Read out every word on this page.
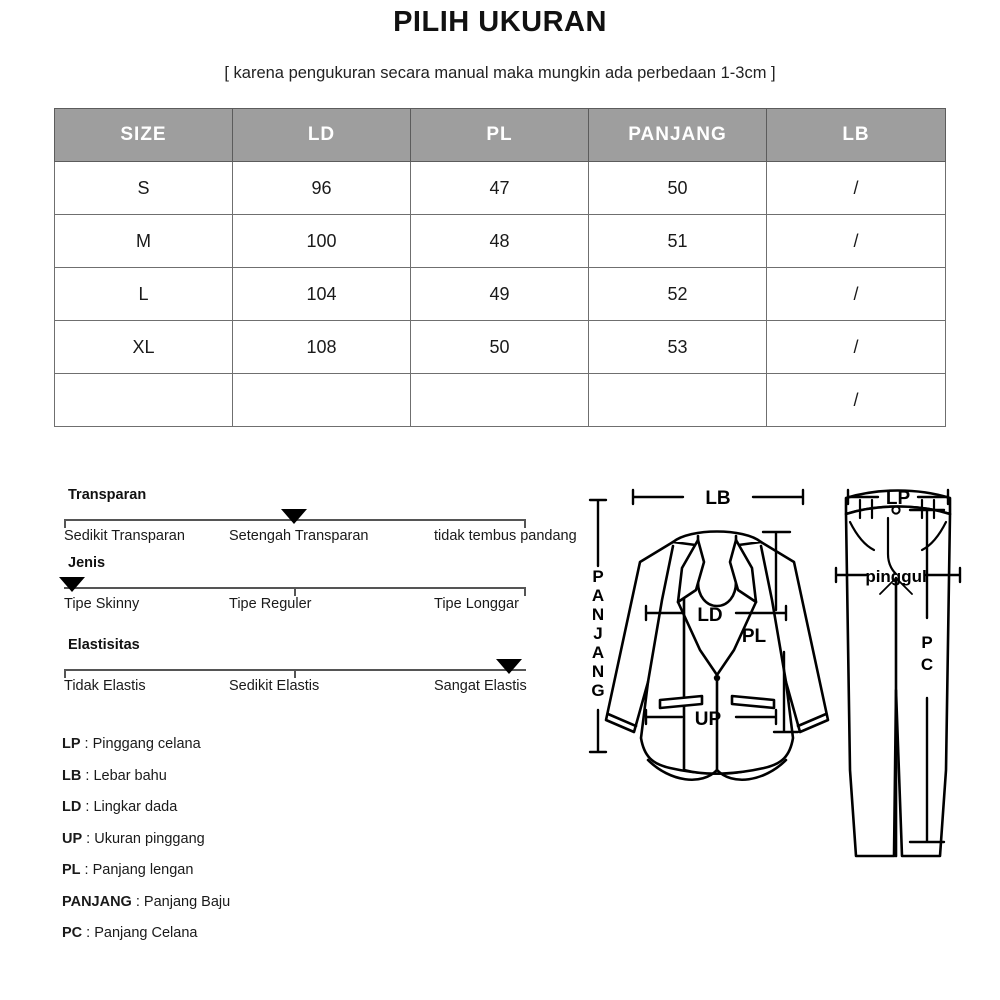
PILIH UKURAN
[ karena pengukuran secara manual maka mungkin ada perbedaan 1-3cm ]
SIZE	LD	PL	PANJANG	LB
S	96	47	50	/
M	100	48	51	/
L	104	49	52	/
XL	108	50	53	/
				/
Transparan
Sedikit Transparan	Setengah Transparan	tidak tembus pandang
Jenis
Tipe Skinny	Tipe Reguler	Tipe Longgar
Elastisitas
Tidak Elastis	Sedikit Elastis	Sangat Elastis
LP : Pinggang celana
LB : Lebar bahu
LD : Lingkar dada
UP : Ukuran pinggang
PL : Panjang lengan
PANJANG : Panjang Baju
PC : Panjang Celana
LB	LP
LD
PL
UP
pinggul
P A N J A N G
P C
